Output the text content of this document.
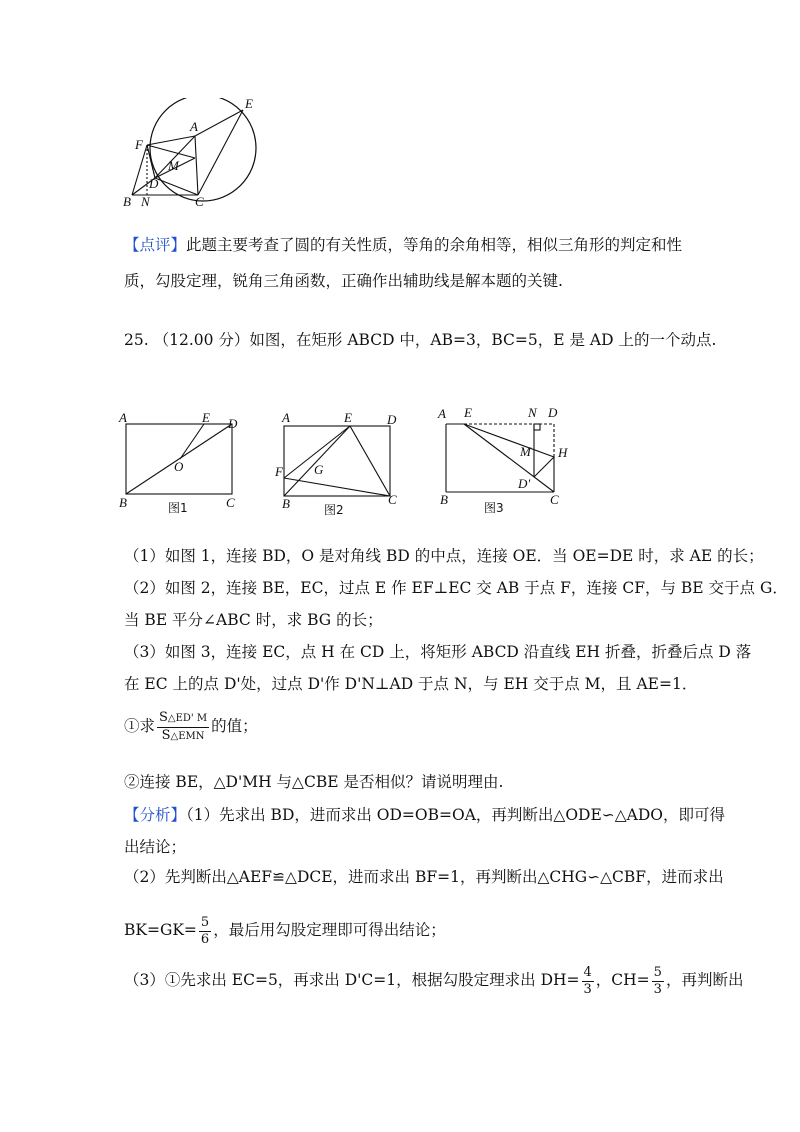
A
E
F
M
D
B N	C
【点评】此题主要考查了圆的有关性质，等角的余角相等，相似三角形的判定和性
质，勾股定理，锐角三角函数，正确作出辅助线是解本题的关键.
25. （12.00 分）如图，在矩形 ABCD 中，AB=3，BC=5，E 是 AD 上的一个动点.
A	E D
O
B	C
图1
A	E	D
F G
B	C
图2
A E	N D
M H
D'
B	C
图3
（1）如图 1，连接 BD，O 是对角线 BD 的中点，连接 OE．当 OE=DE 时，求 AE 的长；
（2）如图 2，连接 BE，EC，过点 E 作 EF⊥EC 交 AB 于点 F，连接 CF，与 BE 交于点 G．
当 BE 平分∠ABC 时，求 BG 的长；
（3）如图 3，连接 EC，点 H 在 CD 上，将矩形 ABCD 沿直线 EH 折叠，折叠后点 D 落
在 EC 上的点 D'处，过点 D'作 D'N⊥AD 于点 N，与 EH 交于点 M，且 AE=1．
①求 $\frac{S\triangle ED' M}{\text{S△EMN}}$ 的值；
②连接 BE，△D'MH 与△CBE 是否相似？请说明理由.
【分析】（1）先求出 BD，进而求出 OD=OB=OA，再判断出△ODE∽△ADO，即可得
出结论；
（2）先判断出△AEF≌△DCE，进而求出 BF=1，再判断出△CHG∽△CBF，进而求出
$BK=GK= \frac{5}{6}$ ，最后用勾股定理即可得出结论；
（3）①先求出 EC=5，再求出 D'C=1，根据勾股定理求出 $DH= \frac{4}{3}$ ，$CH= \frac{5}{3}$ ，再判断出
